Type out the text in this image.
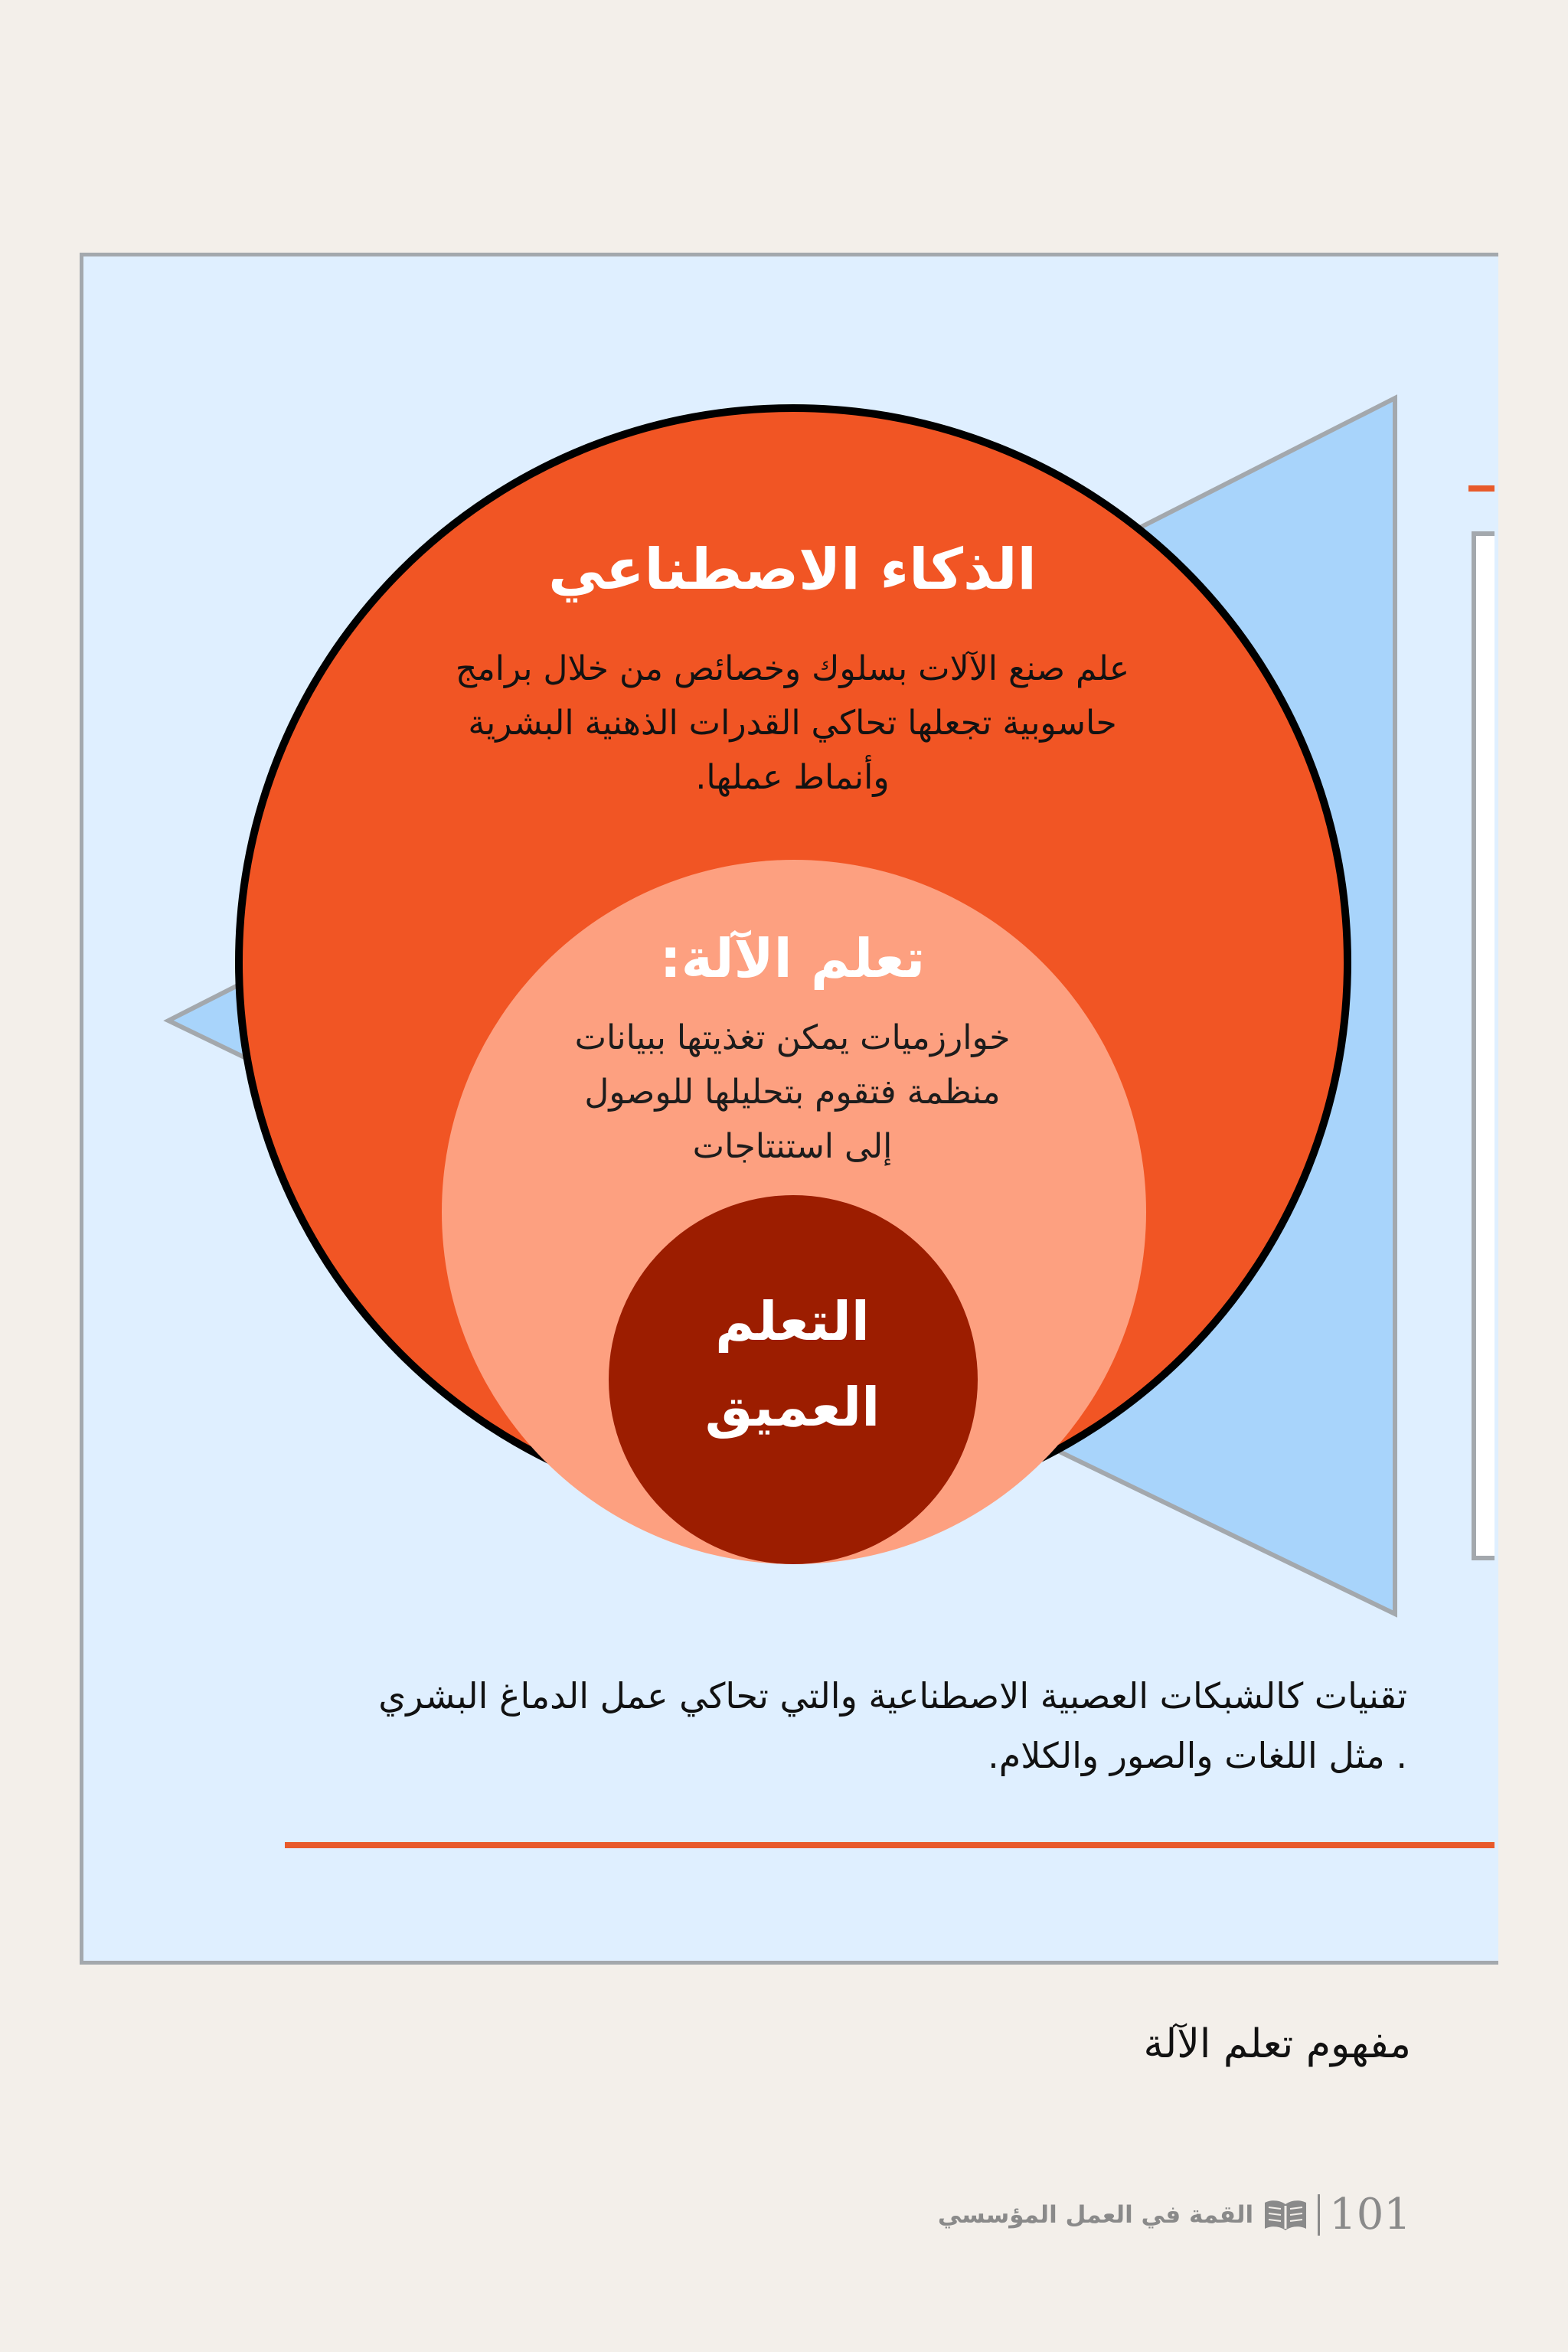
الذكاء الاصطناعي
علم صنع الآلات بسلوك وخصائص من خلال برامج
حاسوبية تجعلها تحاكي القدرات الذهنية البشرية
وأنماط عملها.
تعلم الآلة:
خوارزميات يمكن تغذيتها ببيانات
منظمة فتقوم بتحليلها للوصول
إلى استنتاجات
التعلم
العميق
تقنيات كالشبكات العصبية الاصطناعية والتي تحاكي عمل الدماغ البشري
. مثل اللغات والصور والكلام.
مفهوم تعلم الآلة
القمة في العمل المؤسسي 101
